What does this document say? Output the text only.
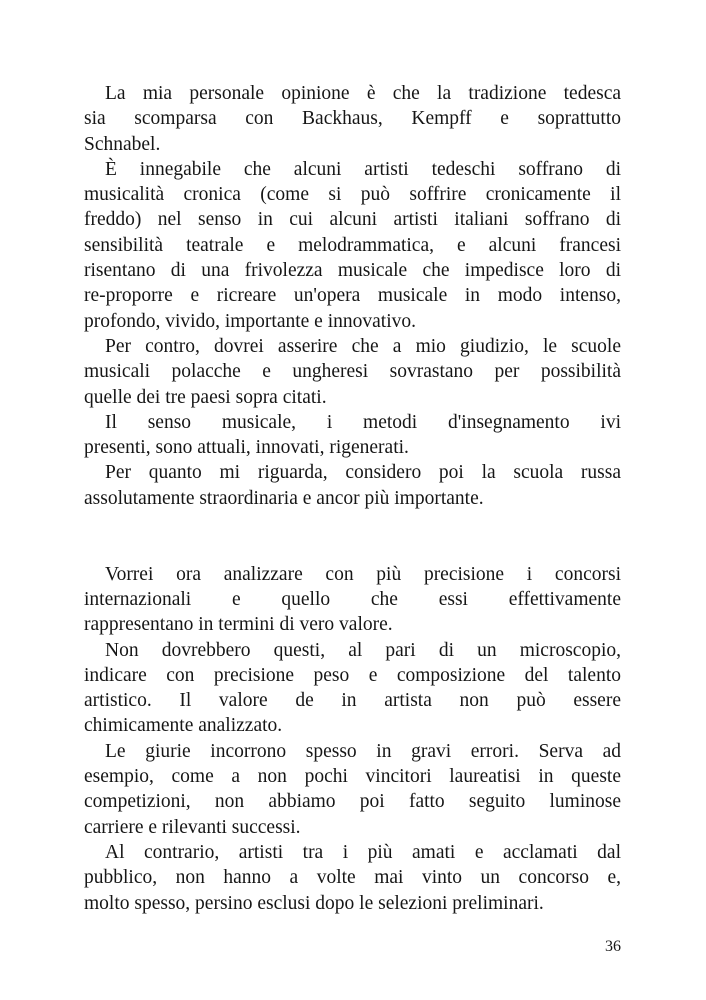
La mia personale opinione è che la tradizione tedesca
sia scomparsa con Backhaus, Kempff e soprattutto
Schnabel.

È innegabile che alcuni artisti tedeschi soffrano di
musicalità cronica (come si può soffrire cronicamente il
freddo) nel senso in cui alcuni artisti italiani soffrano di
sensibilità teatrale e melodrammatica, e alcuni francesi
risentano di una frivolezza musicale che impedisce loro di
re-proporre e ricreare un'opera musicale in modo intenso,
profondo, vivido, importante e innovativo.

Per contro, dovrei asserire che a mio giudizio, le scuole
musicali polacche e ungheresi sovrastano per possibilità
quelle dei tre paesi sopra citati.

Il senso musicale, i metodi d'insegnamento ivi
presenti, sono attuali, innovati, rigenerati.

Per quanto mi riguarda, considero poi la scuola russa
assolutamente straordinaria e ancor più importante.

Vorrei ora analizzare con più precisione i concorsi
internazionali e quello che essi effettivamente
rappresentano in termini di vero valore.

Non dovrebbero questi, al pari di un microscopio,
indicare con precisione peso e composizione del talento
artistico. Il valore de in artista non può essere
chimicamente analizzato.

Le giurie incorrono spesso in gravi errori. Serva ad
esempio, come a non pochi vincitori laureatisi in queste
competizioni, non abbiamo poi fatto seguito luminose
carriere e rilevanti successi.

Al contrario, artisti tra i più amati e acclamati dal
pubblico, non hanno a volte mai vinto un concorso e,
molto spesso, persino esclusi dopo le selezioni preliminari.

36
